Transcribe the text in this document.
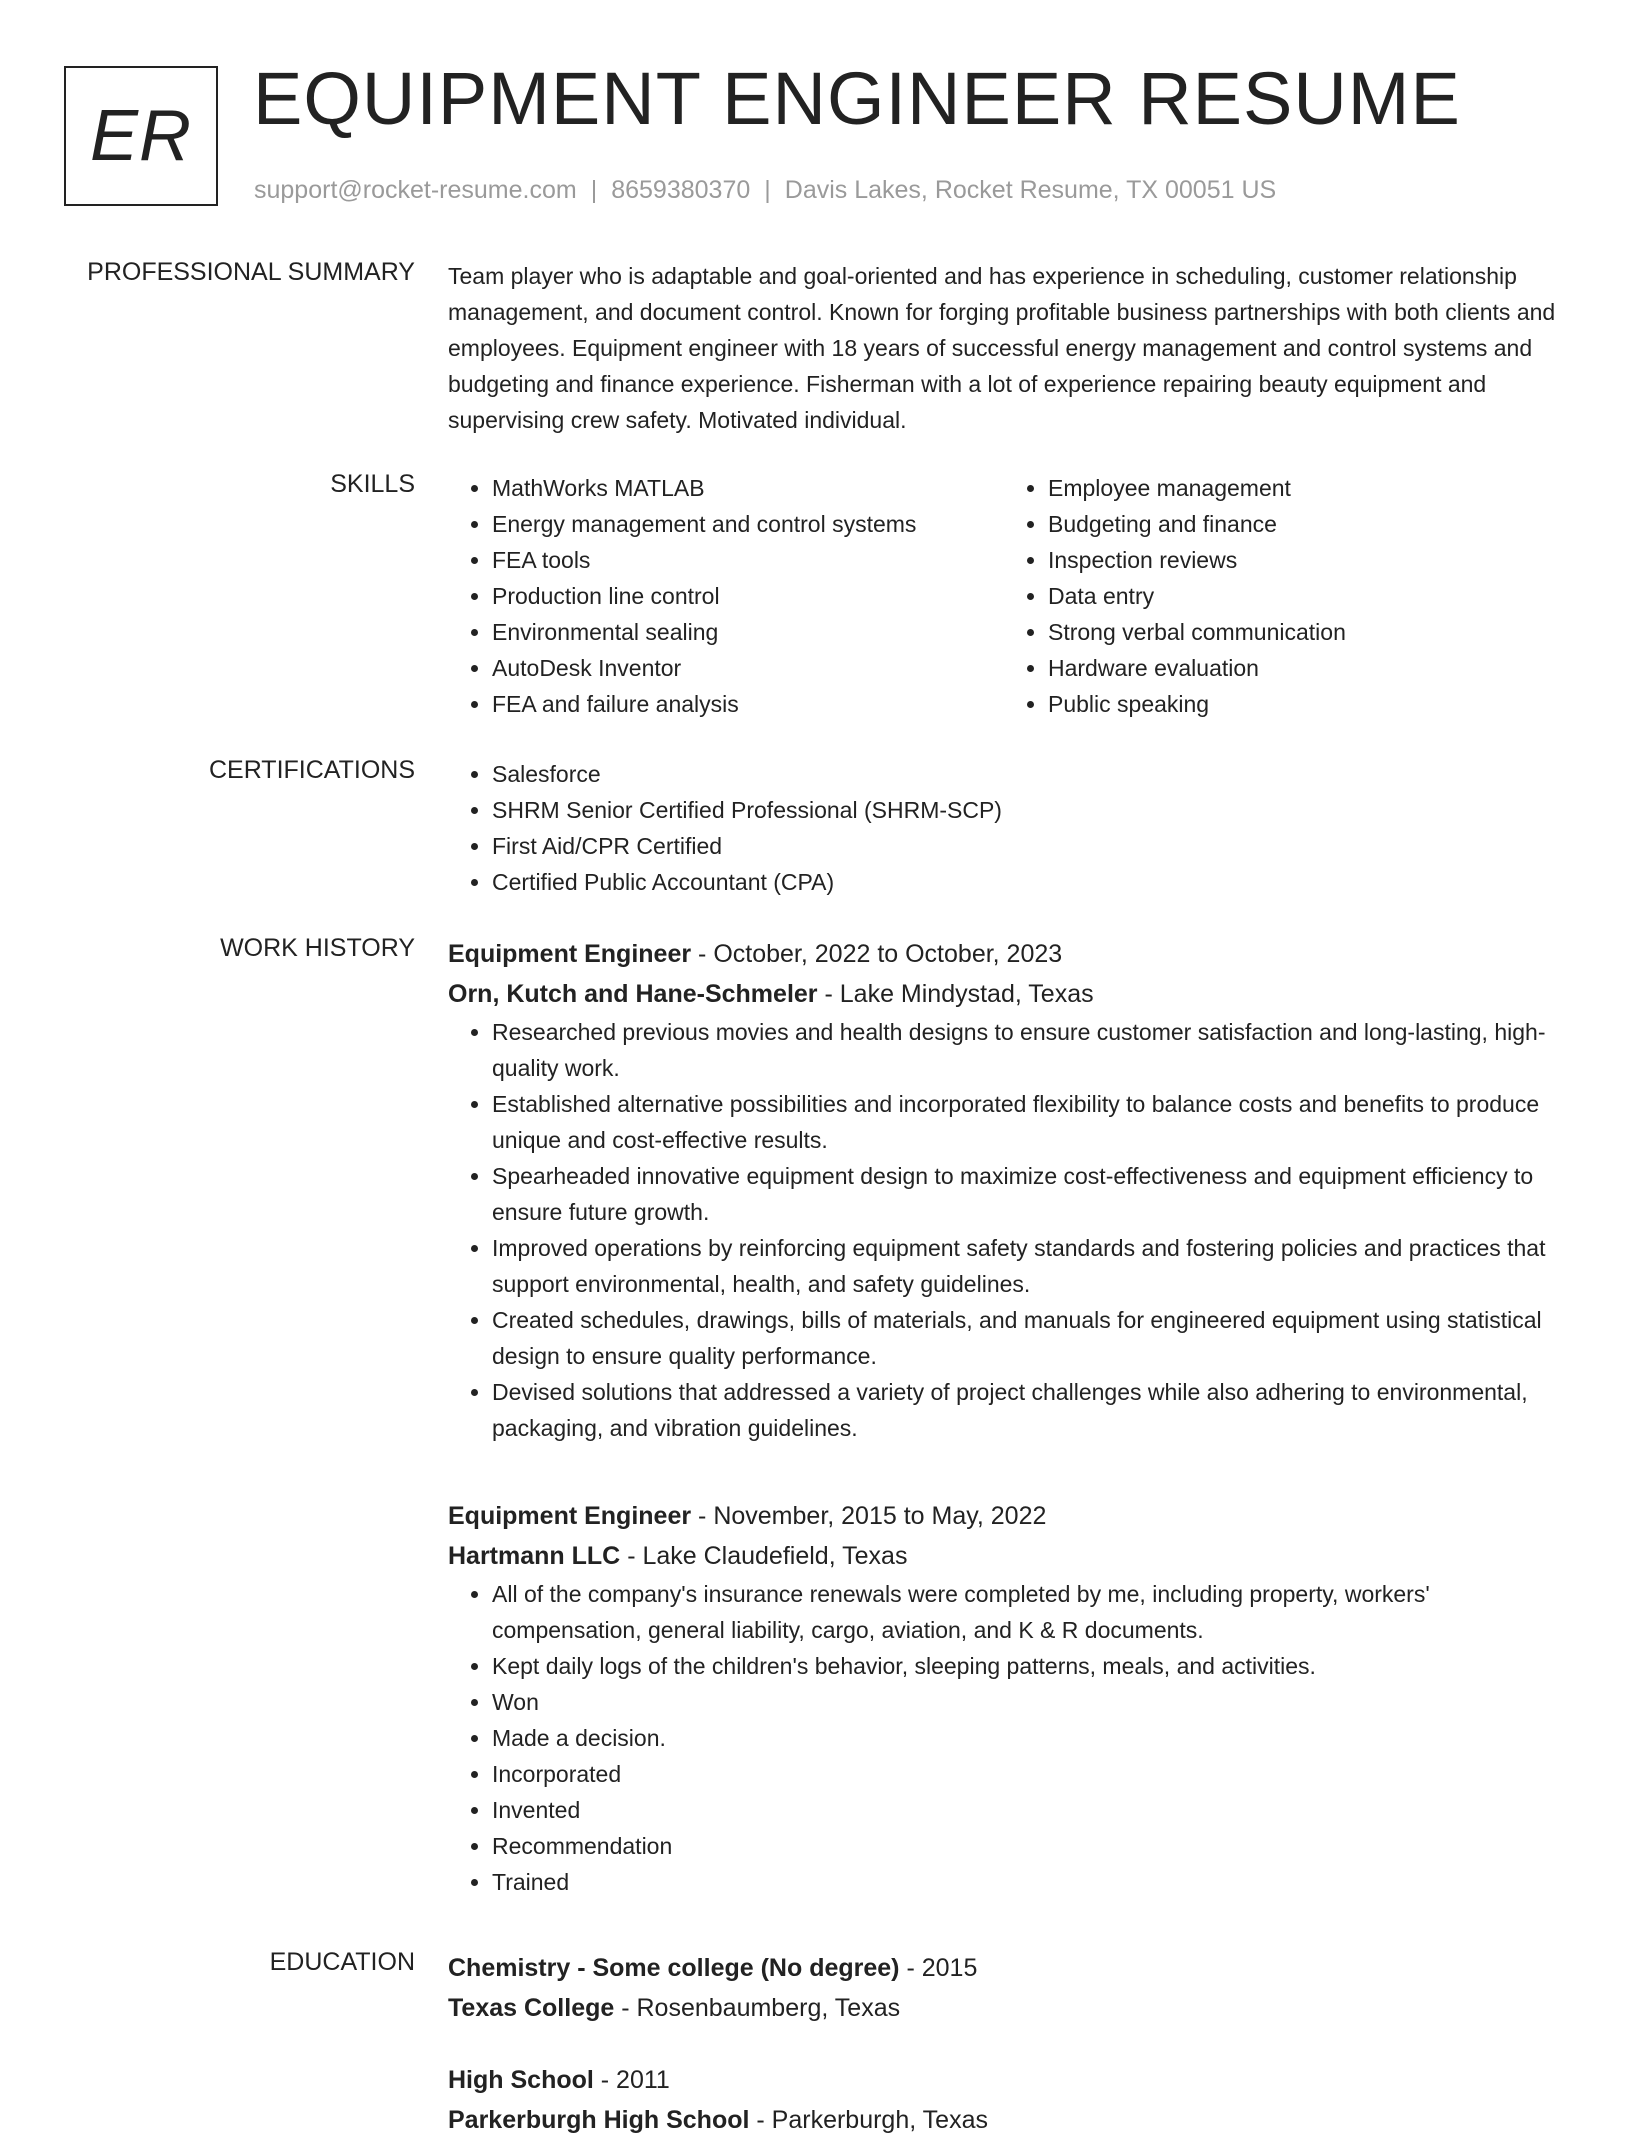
ER EQUIPMENT ENGINEER RESUME
support@rocket-resume.com | 8659380370 | Davis Lakes, Rocket Resume, TX 00051 US
PROFESSIONAL SUMMARY Team player who is adaptable and goal-oriented and has experience in scheduling, customer relationship management, and document control. Known for forging profitable business partnerships with both clients and employees. Equipment engineer with 18 years of successful energy management and control systems and budgeting and finance experience. Fisherman with a lot of experience repairing beauty equipment and supervising crew safety. Motivated individual.
SKILLS	• MathWorks MATLAB
• Energy management and control systems
• FEA tools
• Production line control
• Environmental sealing
• AutoDesk Inventor
• FEA and failure analysis
• Employee management
• Budgeting and finance
• Inspection reviews
• Data entry
• Strong verbal communication
• Hardware evaluation
• Public speaking
CERTIFICATIONS	• Salesforce
• SHRM Senior Certified Professional (SHRM-SCP)
• First Aid/CPR Certified
• Certified Public Accountant (CPA)
WORK HISTORY Equipment Engineer - October, 2022 to October, 2023
Orn, Kutch and Hane-Schmeler - Lake Mindystad, Texas
• Researched previous movies and health designs to ensure customer satisfaction and long-lasting, high-quality work.
• Established alternative possibilities and incorporated flexibility to balance costs and benefits to produce unique and cost-effective results.
• Spearheaded innovative equipment design to maximize cost-effectiveness and equipment efficiency to ensure future growth.
• Improved operations by reinforcing equipment safety standards and fostering policies and practices that support environmental, health, and safety guidelines.
• Created schedules, drawings, bills of materials, and manuals for engineered equipment using statistical design to ensure quality performance.
• Devised solutions that addressed a variety of project challenges while also adhering to environmental, packaging, and vibration guidelines.
Equipment Engineer - November, 2015 to May, 2022
Hartmann LLC - Lake Claudefield, Texas
• All of the company's insurance renewals were completed by me, including property, workers' compensation, general liability, cargo, aviation, and K & R documents.
• Kept daily logs of the children's behavior, sleeping patterns, meals, and activities.
• Won
• Made a decision.
• Incorporated
• Invented
• Recommendation
• Trained
EDUCATION Chemistry - Some college (No degree) - 2015
Texas College - Rosenbaumberg, Texas
High School - 2011
Parkerburgh High School - Parkerburgh, Texas
